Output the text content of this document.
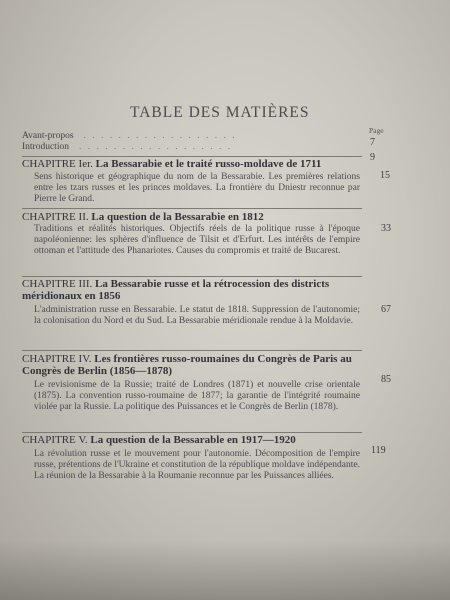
TABLE DES MATIÈRES
Page
Avant-propos . . . . . . . . . . . . . . . . . .
7
Introduction . . . . . . . . . . . . . . . . . .
9
CHAPITRE Ier. La Bessarabie et le traité russo-moldave de 1711
15
Sens historique et géographique du nom de la Bessarabie. Les premières relations entre les tzars russes et les princes moldaves. La frontière du Dniestr reconnue par Pierre le Grand.
CHAPITRE II. La question de la Bessarabie en 1812
33
Traditions et réalités historiques. Objectifs réels de la politique russe à l'époque napoléonienne: les sphères d'influence de Tilsit et d'Erfurt. Les intérêts de l'empire ottoman et l'attitude des Phanariotes. Causes du compromis et traité de Bucarest.
CHAPITRE III. La Bessarabie russe et la rétrocession des districts méridionaux en 1856
67
L'administration russe en Bessarabie. Le statut de 1818. Suppression de l'autonomie; la colonisation du Nord et du Sud. La Bessarabie méridionale rendue à la Moldavie.
CHAPITRE IV. Les frontières russo-roumaines du Congrès de Paris au Congrès de Berlin (1856—1878)
85
Le revisionisme de la Russie; traité de Londres (1871) et nouvelle crise orientale (1875). La convention russo-roumaine de 1877; la garantie de l'intégrité roumaine violée par la Russie. La politique des Puissances et le Congrès de Berlin (1878).
CHAPITRE V. La question de la Bessarable en 1917—1920
119
La révolution russe et le mouvement pour l'autonomie. Décomposition de l'empire russe, prétentions de l'Ukraine et constitution de la république moldave indépendante. La réunion de la Bessarabie à la Roumanie reconnue par les Puissances alliées.
